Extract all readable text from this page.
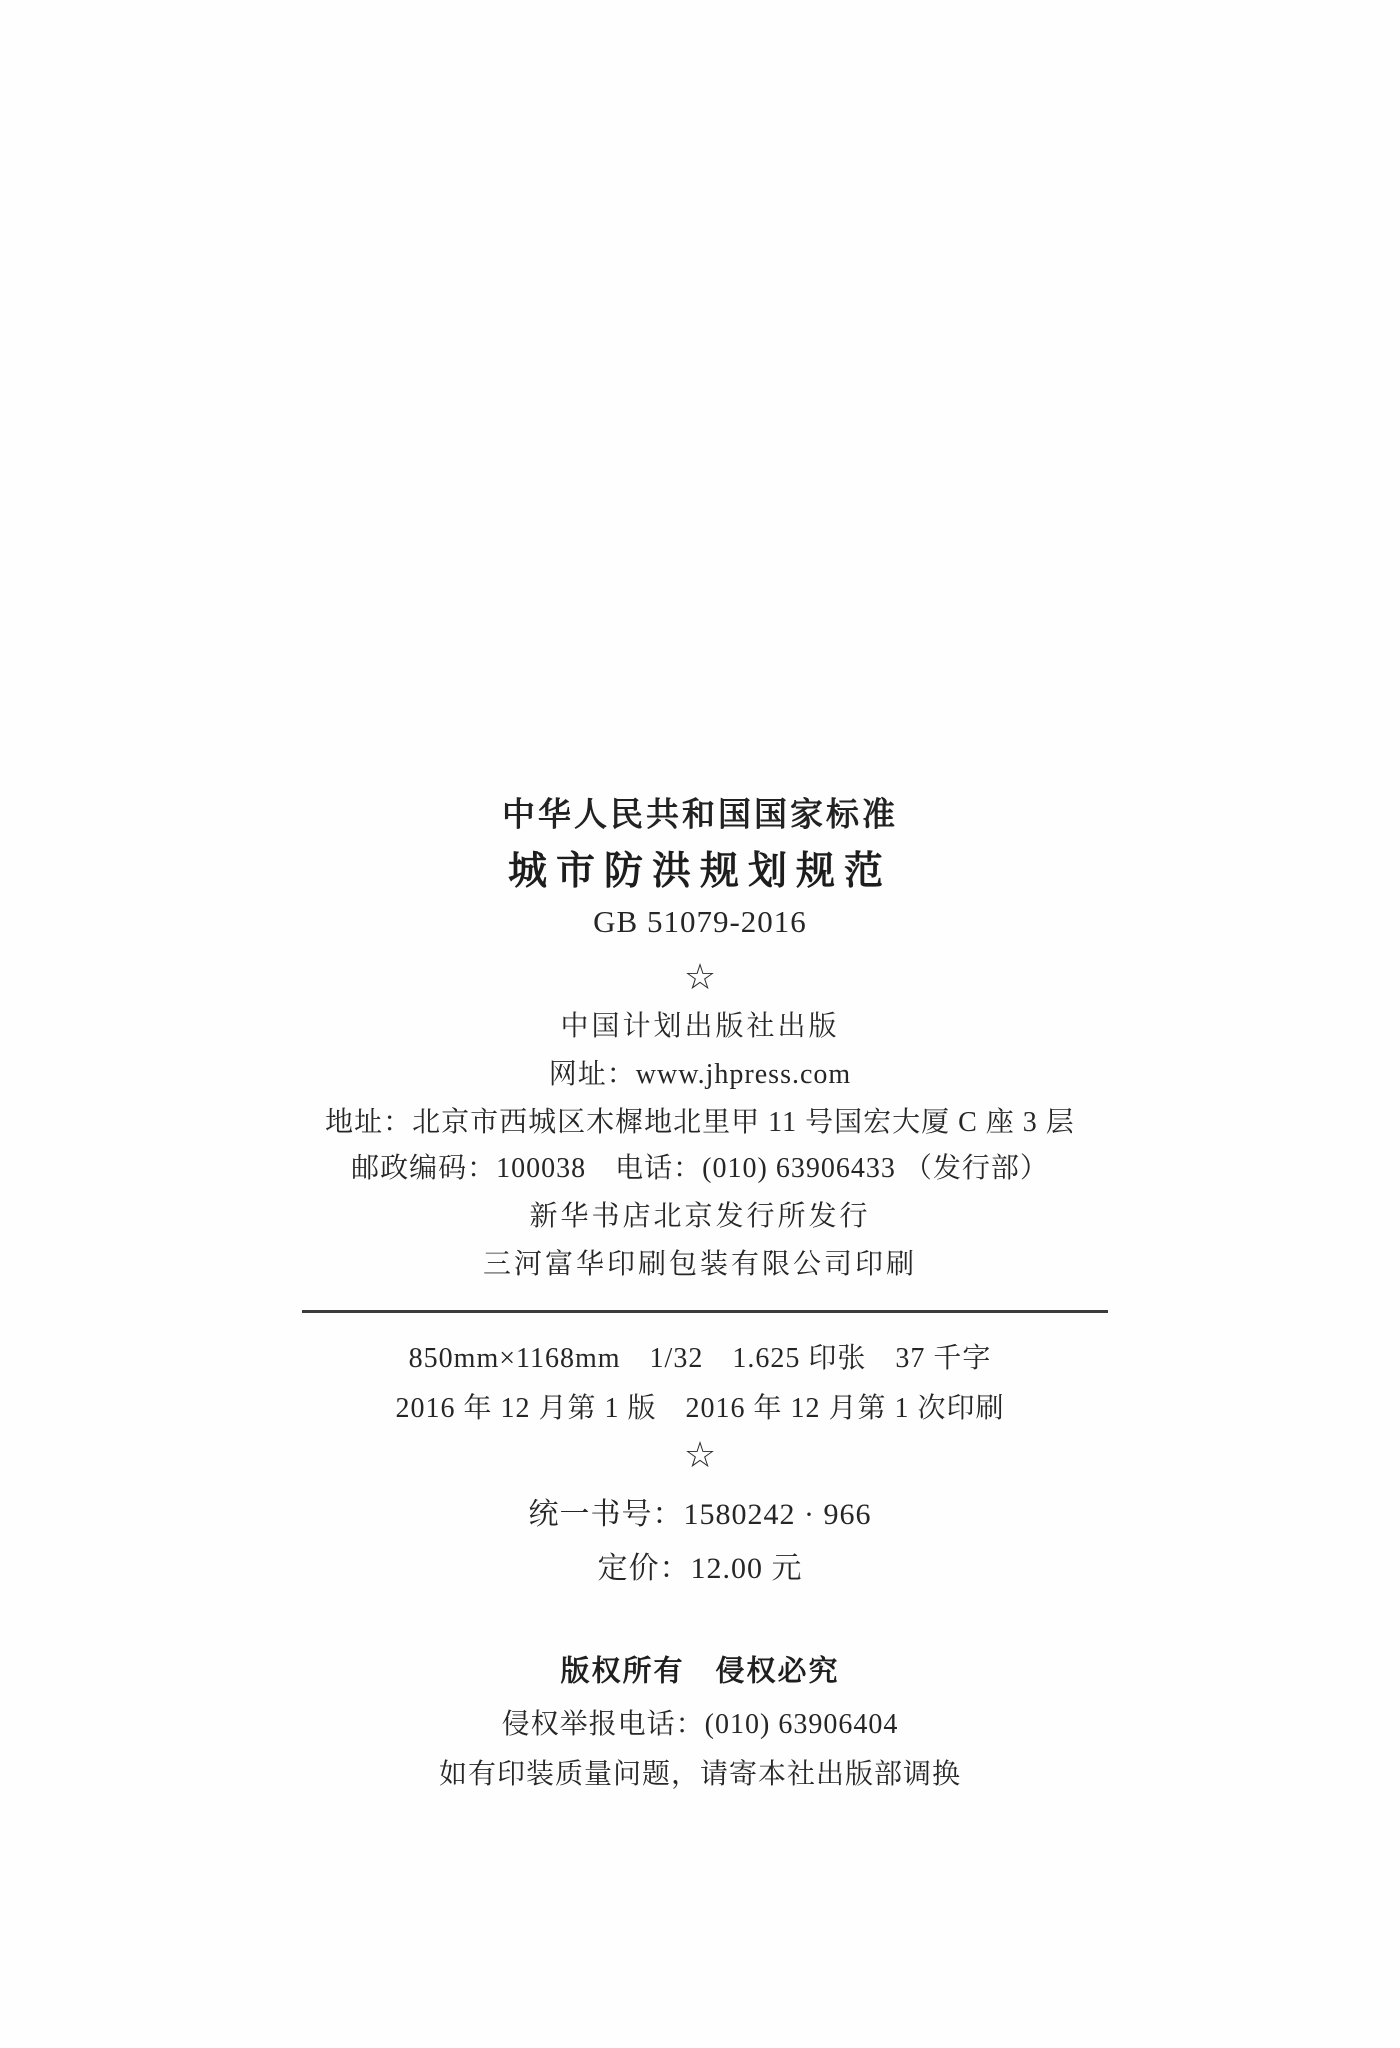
中华人民共和国国家标准
城市防洪规划规范
GB 51079-2016
☆
中国计划出版社出版
网址：www.jhpress.com
地址：北京市西城区木樨地北里甲 11 号国宏大厦 C 座 3 层
邮政编码：100038　电话：(010) 63906433 （发行部）
新华书店北京发行所发行
三河富华印刷包装有限公司印刷
850mm×1168mm　1/32　1.625 印张　37 千字
2016 年 12 月第 1 版　2016 年 12 月第 1 次印刷
☆
统一书号：1580242 · 966
定价：12.00 元
版权所有　侵权必究
侵权举报电话：(010) 63906404
如有印装质量问题，请寄本社出版部调换
